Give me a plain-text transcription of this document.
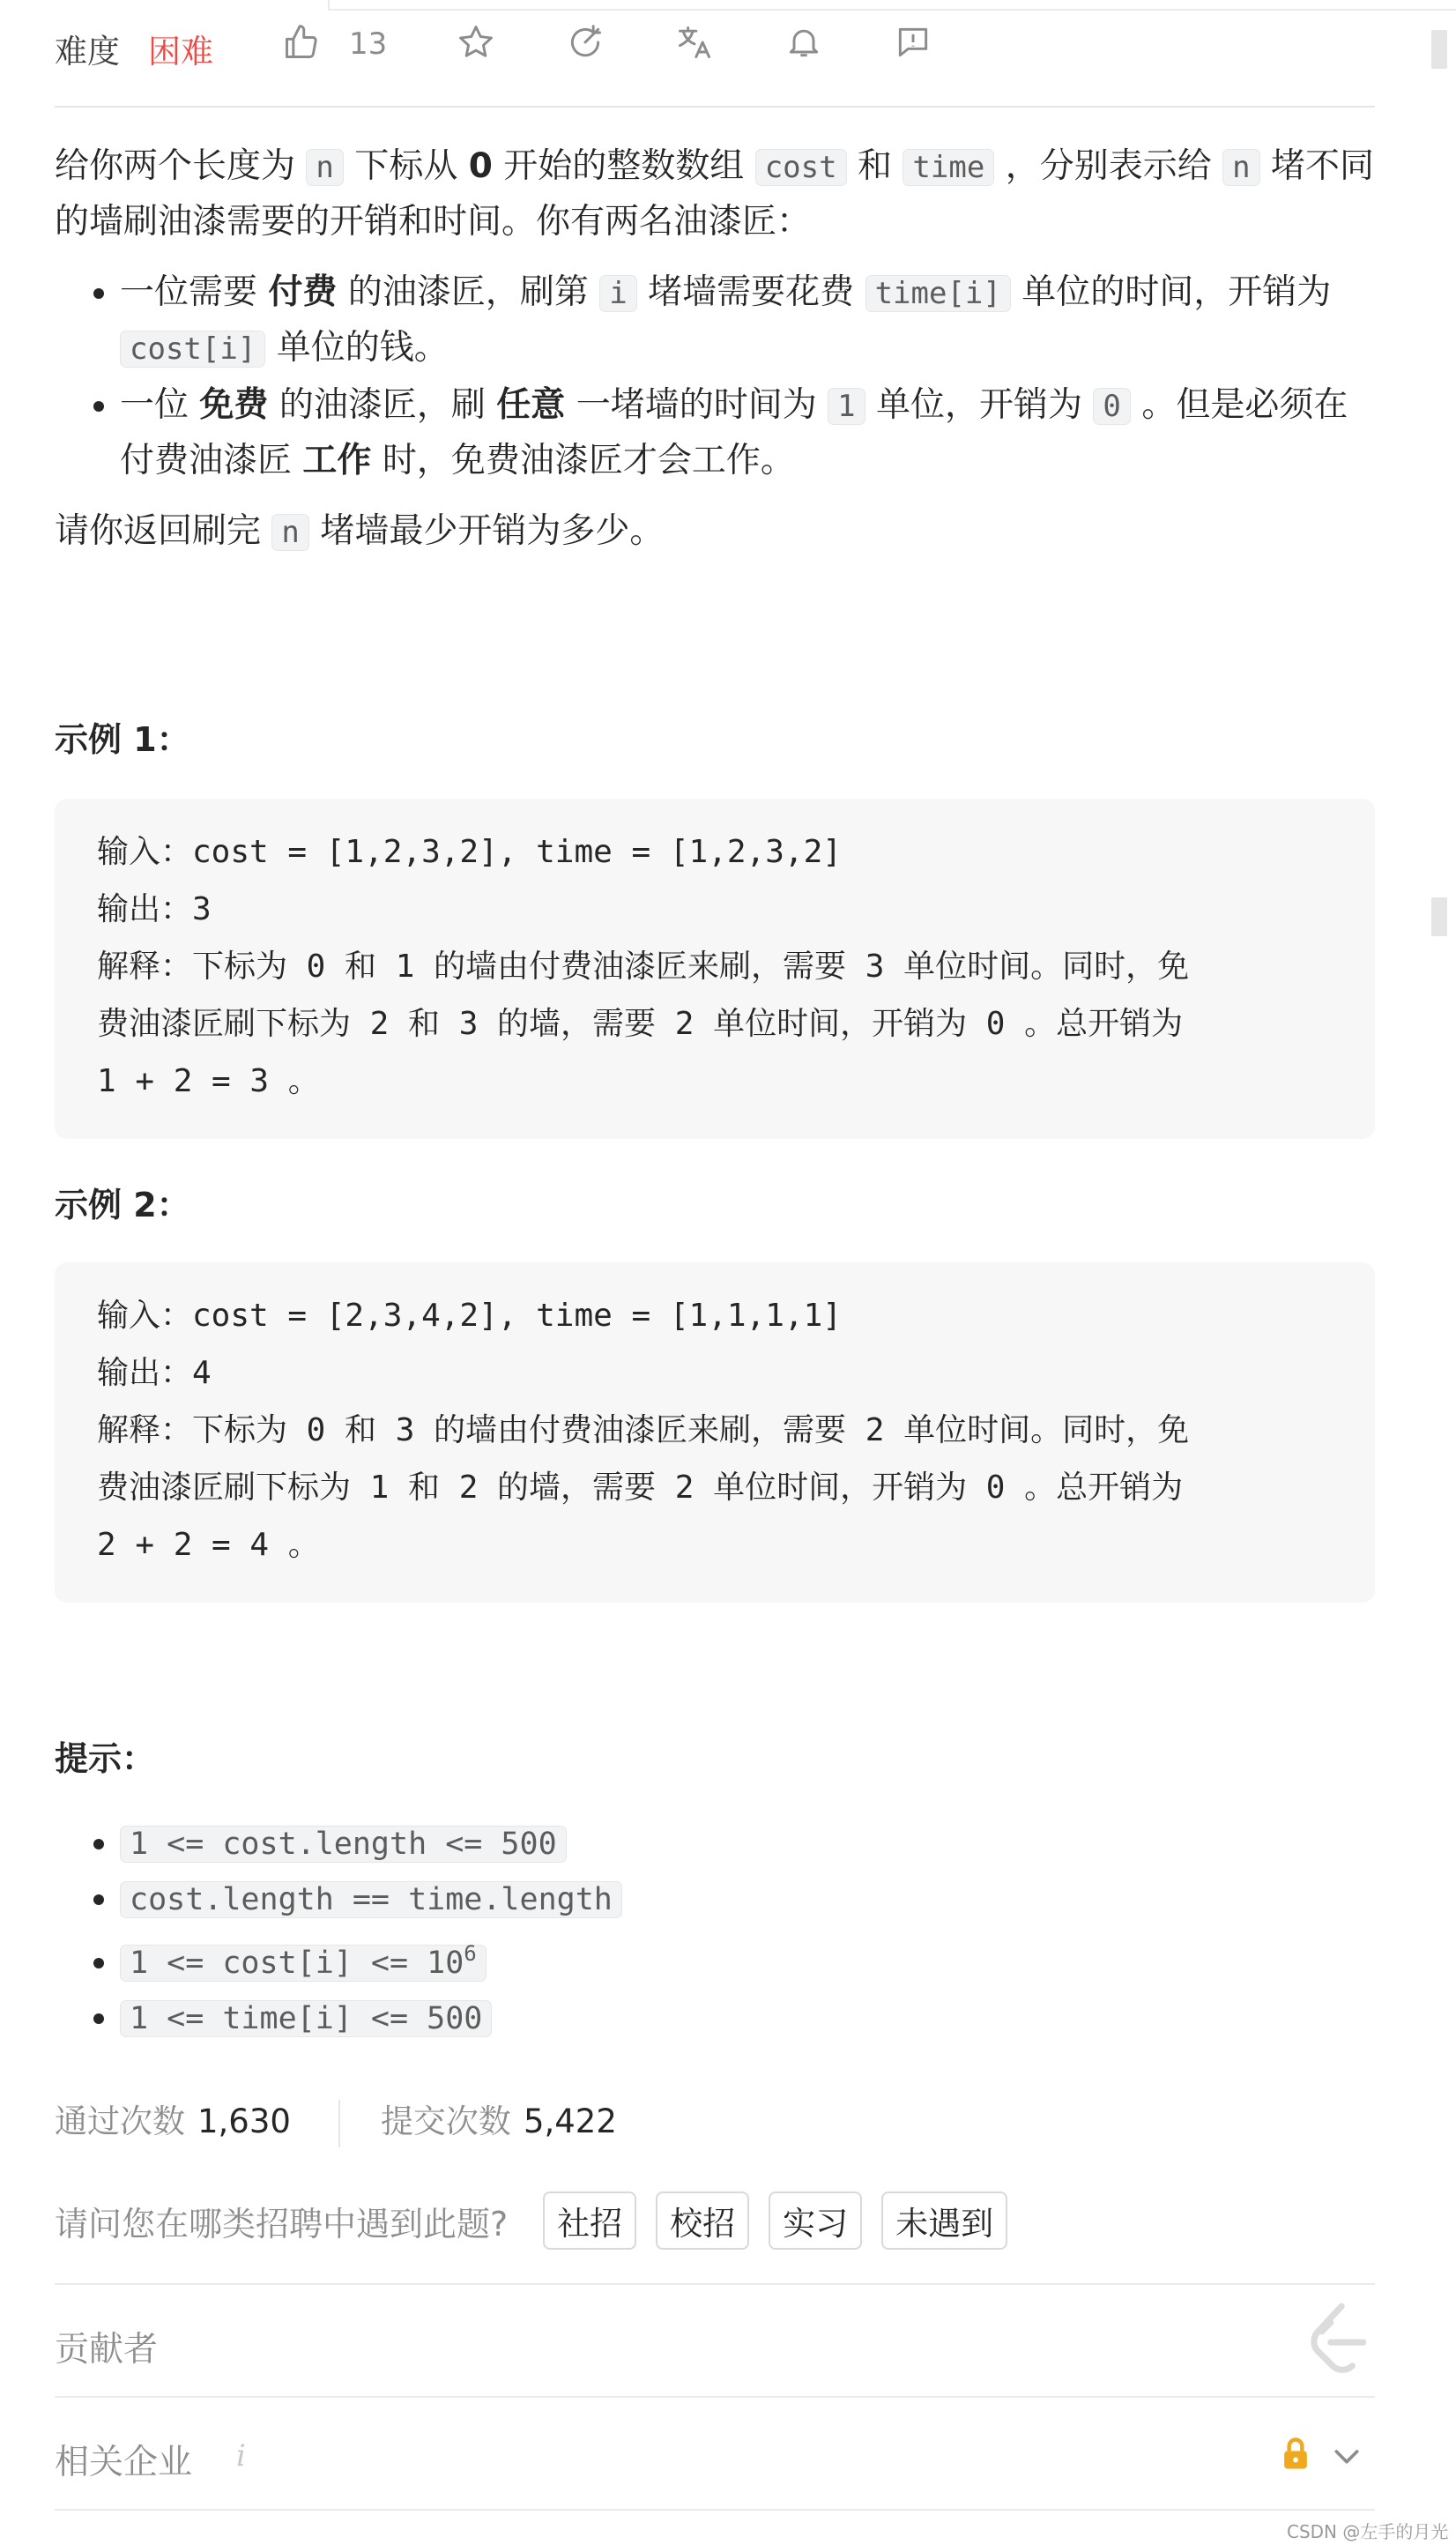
难度 困难	13

给你两个长度为 n 下标从 0 开始的整数数组 cost 和 time ，分别表示给 n 堵不同的墙刷油漆需要的开销和时间。你有两名油漆匠：

• 一位需要 付费 的油漆匠，刷第 i 堵墙需要花费 time[i] 单位的时间，开销为 cost[i] 单位的钱。
• 一位 免费 的油漆匠，刷 任意 一堵墙的时间为 1 单位，开销为 0 。但是必须在付费油漆匠 工作 时，免费油漆匠才会工作。

请你返回刷完 n 堵墙最少开销为多少。

示例 1：
输入：cost = [1,2,3,2], time = [1,2,3,2]
输出：3
解释：下标为 0 和 1 的墙由付费油漆匠来刷，需要 3 单位时间。同时，免
费油漆匠刷下标为 2 和 3 的墙，需要 2 单位时间，开销为 0 。总开销为
1 + 2 = 3 。
示例 2：
输入：cost = [2,3,4,2], time = [1,1,1,1]
输出：4
解释：下标为 0 和 3 的墙由付费油漆匠来刷，需要 2 单位时间。同时，免
费油漆匠刷下标为 1 和 2 的墙，需要 2 单位时间，开销为 0 。总开销为
2 + 2 = 4 。
提示：
• 1 <= cost.length <= 500
• cost.length == time.length
• $1 <= \cos t[i] <= 10^6$
• 1 <= time[i] <= 500
通过次数 1,630	提交次数 5,422
请问您在哪类招聘中遇到此题? 社招 校招 实习 未遇到
贡献者
相关企业 i
CSDN @左手的月光
